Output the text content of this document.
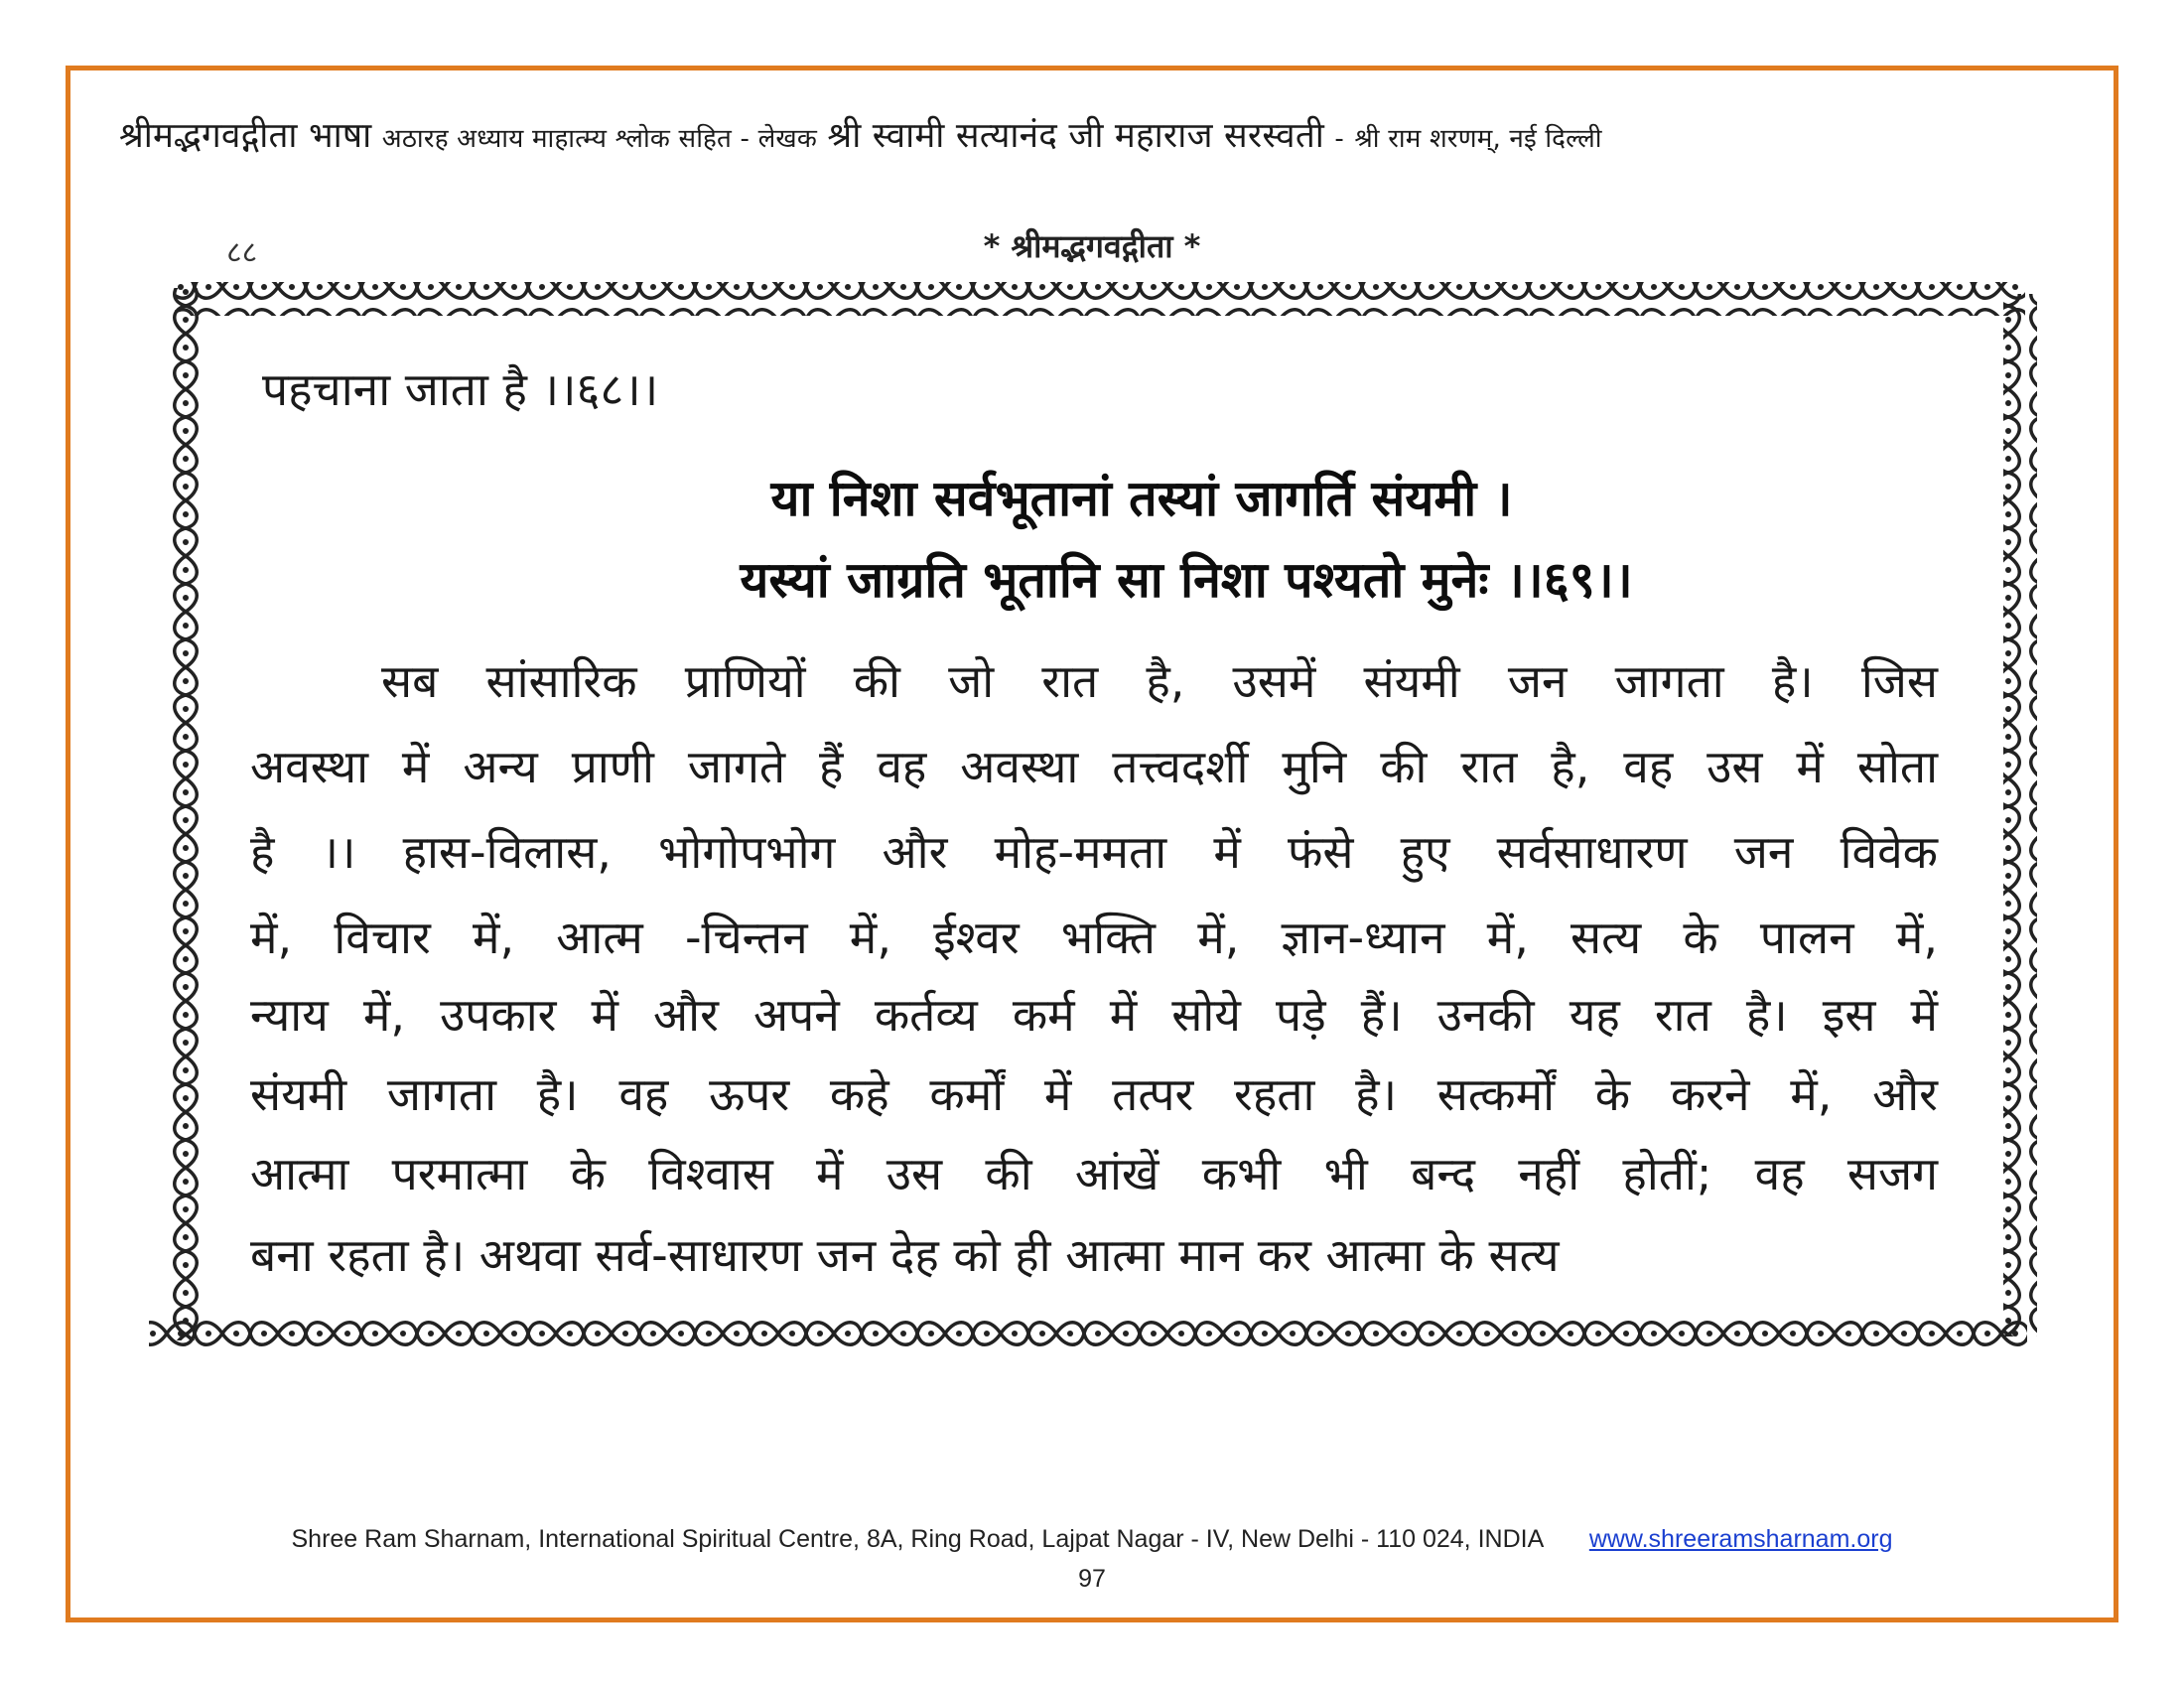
श्रीमद्भगवद्गीता भाषा अठारह अध्याय माहात्म्य श्लोक सहित - लेखक श्री स्वामी सत्यानंद जी महाराज सरस्वती - श्री राम शरणम्, नई दिल्ली
८८	* श्रीमद्भगवद्गीता *
पहचाना जाता है ।।६८।।
या निशा सर्वभूतानां तस्यां जागर्ति संयमी ।
यस्यां जाग्रति भूतानि सा निशा पश्यतो मुनेः ।।६९।।
सब सांसारिक प्राणियों की जो रात है, उसमें संयमी जन जागता है। जिस
अवस्था में अन्य प्राणी जागते हैं वह अवस्था तत्त्वदर्शी मुनि की रात है, वह उस में सोता
है ।। हास-विलास, भोगोपभोग और मोह-ममता में फंसे हुए सर्वसाधारण जन विवेक
में, विचार में, आत्म -चिन्तन में, ईश्वर भक्ति में, ज्ञान-ध्यान में, सत्य के पालन में,
न्याय में, उपकार में और अपने कर्तव्य कर्म में सोये पड़े हैं। उनकी यह रात है। इस में
संयमी जागता है। वह ऊपर कहे कर्मों में तत्पर रहता है। सत्कर्मों के करने में, और
आत्मा परमात्मा के विश्वास में उस की आंखें कभी भी बन्द नहीं होतीं; वह सजग
बना रहता है। अथवा सर्व-साधारण जन देह को ही आत्मा मान कर आत्मा के सत्य
Shree Ram Sharnam, International Spiritual Centre, 8A, Ring Road, Lajpat Nagar - IV, New Delhi - 110 024, INDIA www.shreeramsharnam.org
97
